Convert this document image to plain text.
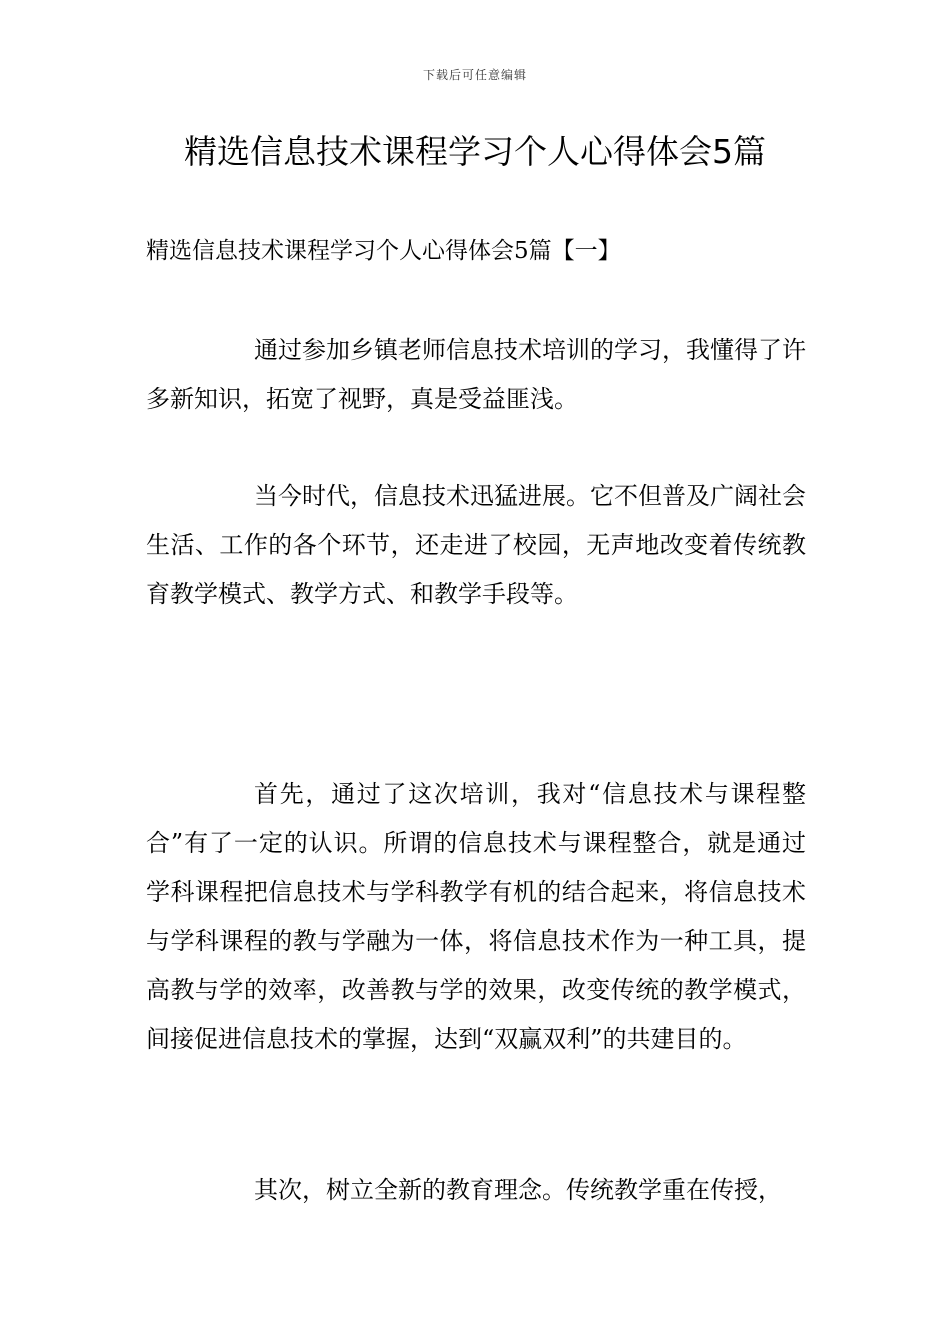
下载后可任意编辑
精选信息技术课程学习个人心得体会5篇
精选信息技术课程学习个人心得体会5篇【一】

通过参加乡镇老师信息技术培训的学习，我懂得了许多新知识，拓宽了视野，真是受益匪浅。

当今时代，信息技术迅猛进展。它不但普及广阔社会生活、工作的各个环节，还走进了校园，无声地改变着传统教育教学模式、教学方式、和教学手段等。

首先，通过了这次培训，我对“信息技术与课程整合”有了一定的认识。所谓的信息技术与课程整合，就是通过学科课程把信息技术与学科教学有机的结合起来，将信息技术与学科课程的教与学融为一体，将信息技术作为一种工具，提高教与学的效率，改善教与学的效果，改变传统的教学模式，间接促进信息技术的掌握，达到“双赢双利”的共建目的。

其次，树立全新的教育理念。传统教学重在传授，
